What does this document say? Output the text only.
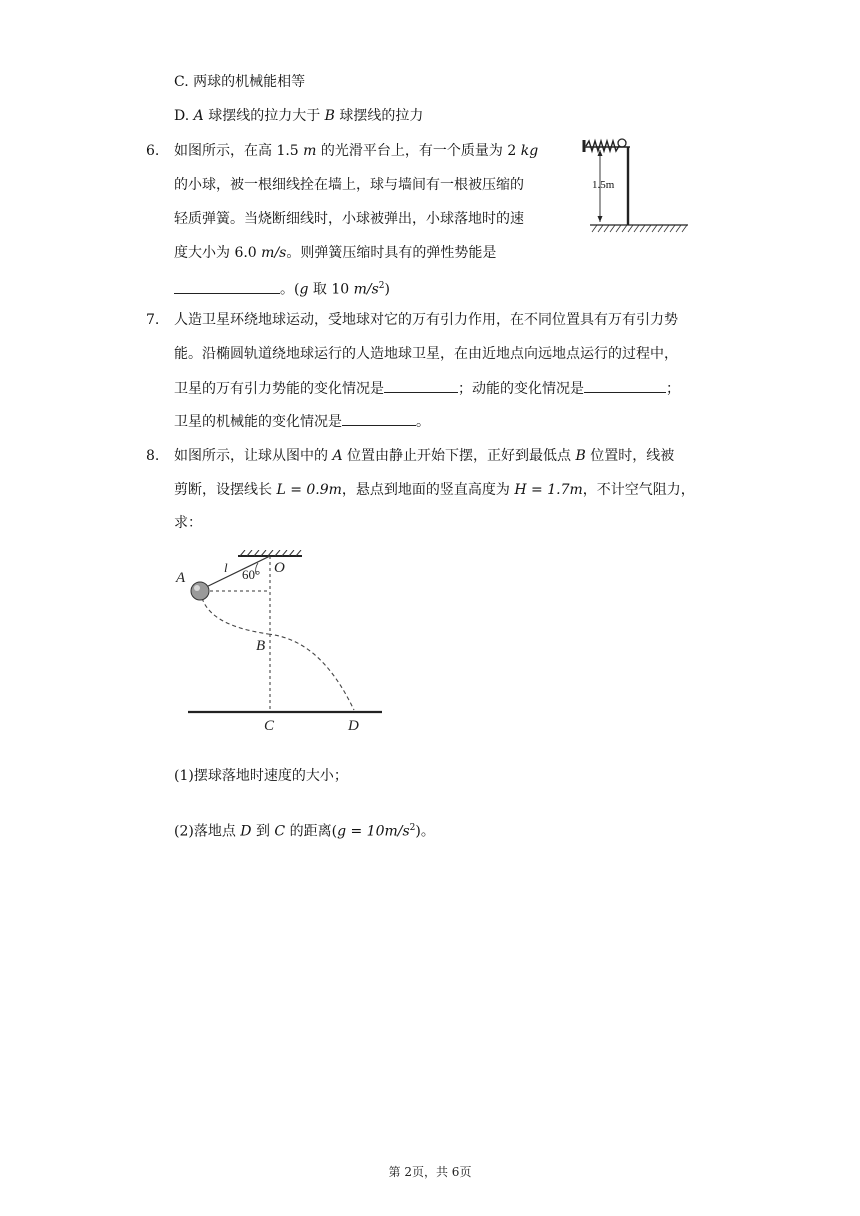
C. 两球的机械能相等
D. A 球摆线的拉力大于 B 球摆线的拉力
6. 如图所示，在高 1.5 m 的光滑平台上，有一个质量为 2 kg
的小球，被一根细线拴在墙上，球与墙间有一根被压缩的
轻质弹簧。当烧断细线时，小球被弹出，小球落地时的速
度大小为 6.0 m/s。则弹簧压缩时具有的弹性势能是
。(g 取 10 $m/s^2$)
1.5m
7. 人造卫星环绕地球运动，受地球对它的万有引力作用，在不同位置具有万有引力势
能。沿椭圆轨道绕地球运行的人造地球卫星，在由近地点向远地点运行的过程中，
卫星的万有引力势能的变化情况是	；动能的变化情况是	；
卫星的机械能的变化情况是	。
8. 如图所示，让球从图中的 A 位置由静止开始下摆，正好到最低点 B 位置时，线被
剪断，设摆线长 L = 0.9m，悬点到地面的竖直高度为 H = 1.7m，不计空气阻力，
求：
A
l 60° O
B
C	D
(1)摆球落地时速度的大小；
(2)落地点 D 到 C 的距离$(g = 10m/s^2)$。
第 2页，共 6页
